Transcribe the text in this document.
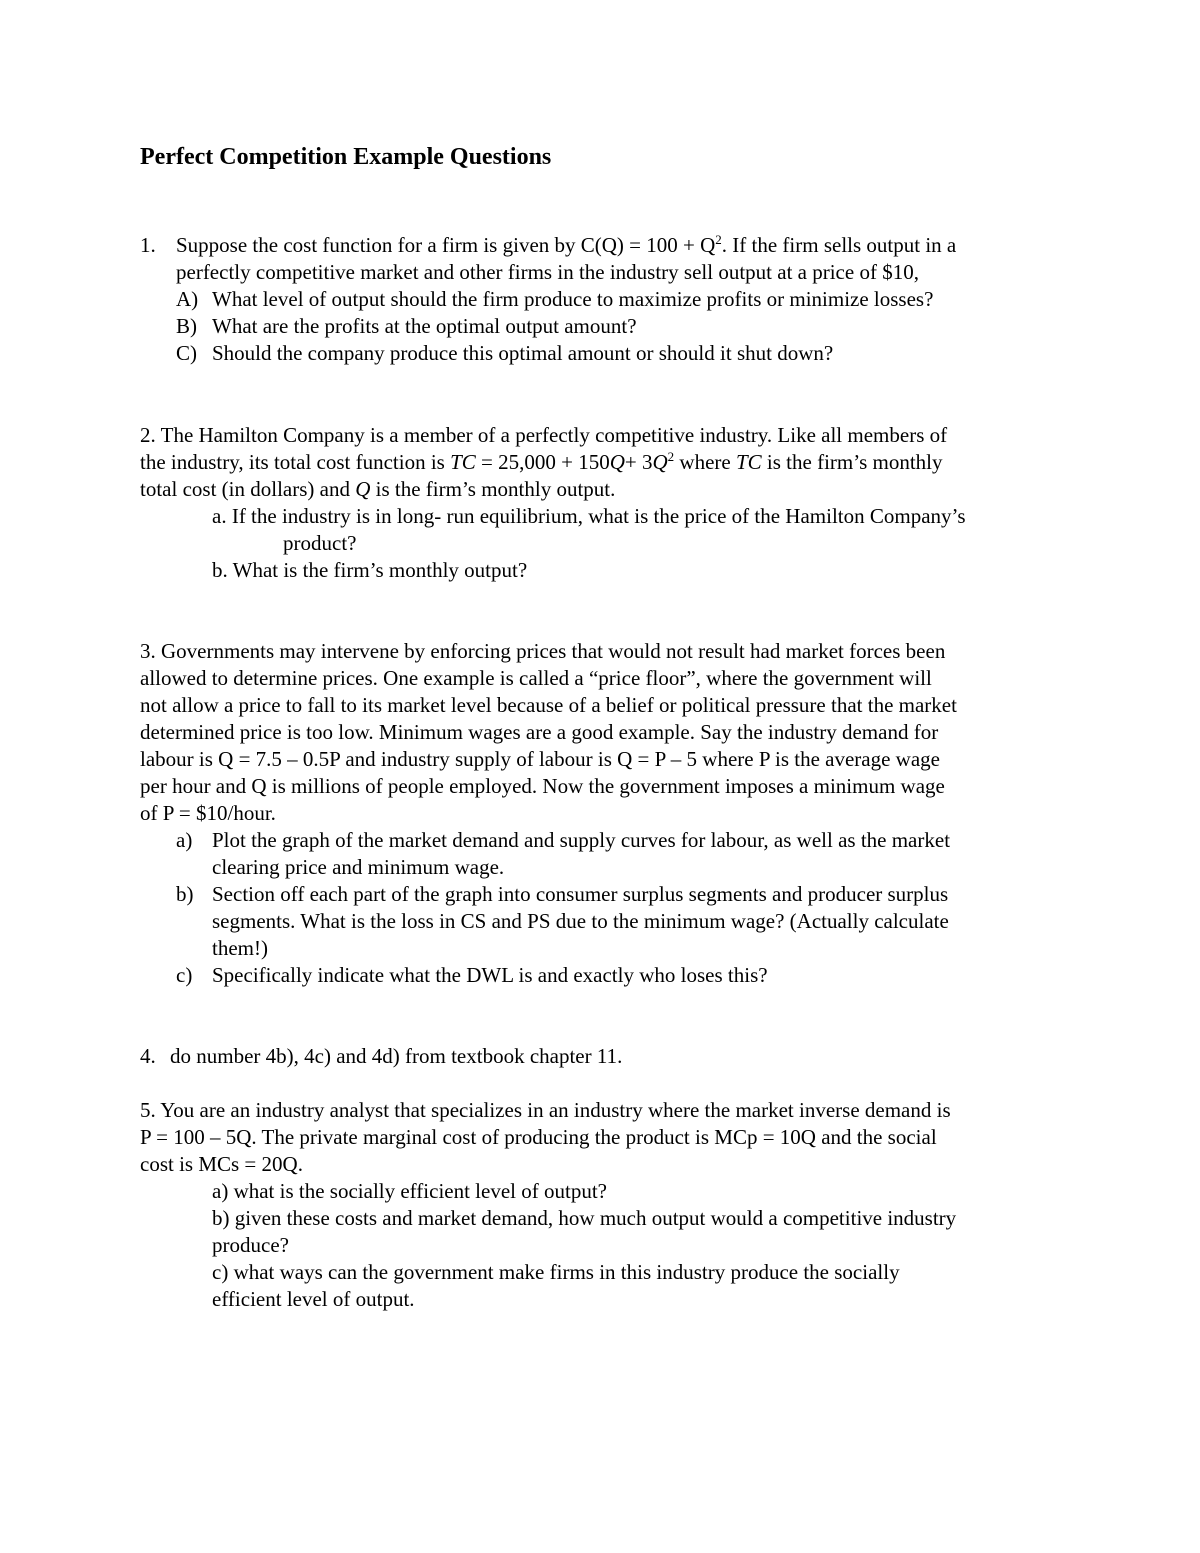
Perfect Competition Example Questions
1. Suppose the cost function for a firm is given by $C(Q) = 100 + Q^2$. If the firm sells output in a
perfectly competitive market and other firms in the industry sell output at a price of $10,
A) What level of output should the firm produce to maximize profits or minimize losses?
B) What are the profits at the optimal output amount?
C) Should the company produce this optimal amount or should it shut down?
2. The Hamilton Company is a member of a perfectly competitive industry. Like all members of
the industry, its total cost function is TC = $25,000 + 150Q+ 3Q^2$ where TC is the firm’s monthly
total cost (in dollars) and Q is the firm’s monthly output.
a. If the industry is in long- run equilibrium, what is the price of the Hamilton Company’s
product?
b. What is the firm’s monthly output?
3. Governments may intervene by enforcing prices that would not result had market forces been
allowed to determine prices. One example is called a “price floor”, where the government will
not allow a price to fall to its market level because of a belief or political pressure that the market
determined price is too low. Minimum wages are a good example. Say the industry demand for
labour is Q = 7.5 – 0.5P and industry supply of labour is Q = P – 5 where P is the average wage
per hour and Q is millions of people employed. Now the government imposes a minimum wage
of P = $10/hour.
a) Plot the graph of the market demand and supply curves for labour, as well as the market
clearing price and minimum wage.
b) Section off each part of the graph into consumer surplus segments and producer surplus
segments. What is the loss in CS and PS due to the minimum wage? (Actually calculate
them!)
c) Specifically indicate what the DWL is and exactly who loses this?
4. do number 4b), 4c) and 4d) from textbook chapter 11.
5. You are an industry analyst that specializes in an industry where the market inverse demand is
P = 100 – 5Q. The private marginal cost of producing the product is MCp = 10Q and the social
cost is MCs = 20Q.
a) what is the socially efficient level of output?
b) given these costs and market demand, how much output would a competitive industry
produce?
c) what ways can the government make firms in this industry produce the socially
efficient level of output.
